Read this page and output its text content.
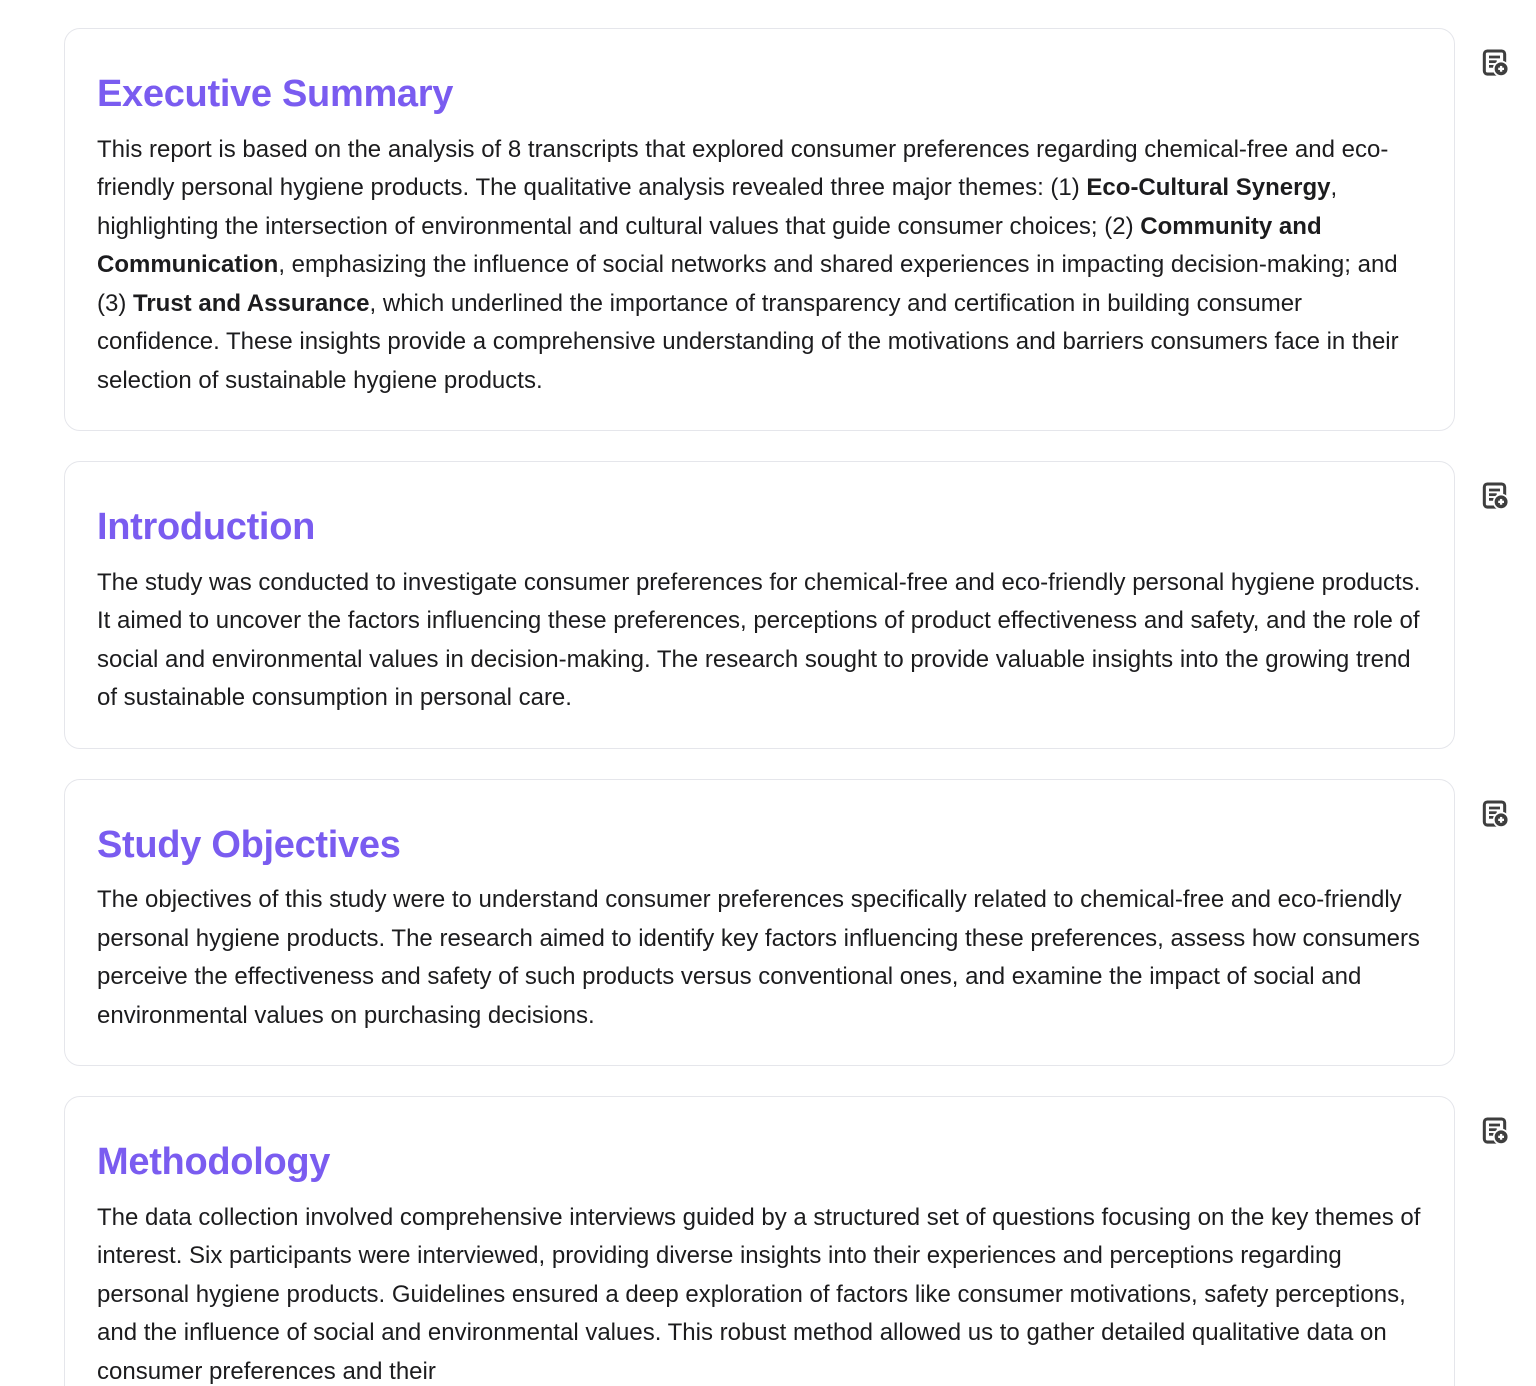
Executive Summary

This report is based on the analysis of 8 transcripts that explored consumer preferences regarding chemical-free and eco-friendly personal hygiene products. The qualitative analysis revealed three major themes: (1) Eco-Cultural Synergy, highlighting the intersection of environmental and cultural values that guide consumer choices; (2) Community and Communication, emphasizing the influence of social networks and shared experiences in impacting decision-making; and (3) Trust and Assurance, which underlined the importance of transparency and certification in building consumer confidence. These insights provide a comprehensive understanding of the motivations and barriers consumers face in their selection of sustainable hygiene products.

Introduction

The study was conducted to investigate consumer preferences for chemical-free and eco-friendly personal hygiene products. It aimed to uncover the factors influencing these preferences, perceptions of product effectiveness and safety, and the role of social and environmental values in decision-making. The research sought to provide valuable insights into the growing trend of sustainable consumption in personal care.

Study Objectives

The objectives of this study were to understand consumer preferences specifically related to chemical-free and eco-friendly personal hygiene products. The research aimed to identify key factors influencing these preferences, assess how consumers perceive the effectiveness and safety of such products versus conventional ones, and examine the impact of social and environmental values on purchasing decisions.

Methodology

The data collection involved comprehensive interviews guided by a structured set of questions focusing on the key themes of interest. Six participants were interviewed, providing diverse insights into their experiences and perceptions regarding personal hygiene products. Guidelines ensured a deep exploration of factors like consumer motivations, safety perceptions, and the influence of social and environmental values. This robust method allowed us to gather detailed qualitative data on consumer preferences and their
